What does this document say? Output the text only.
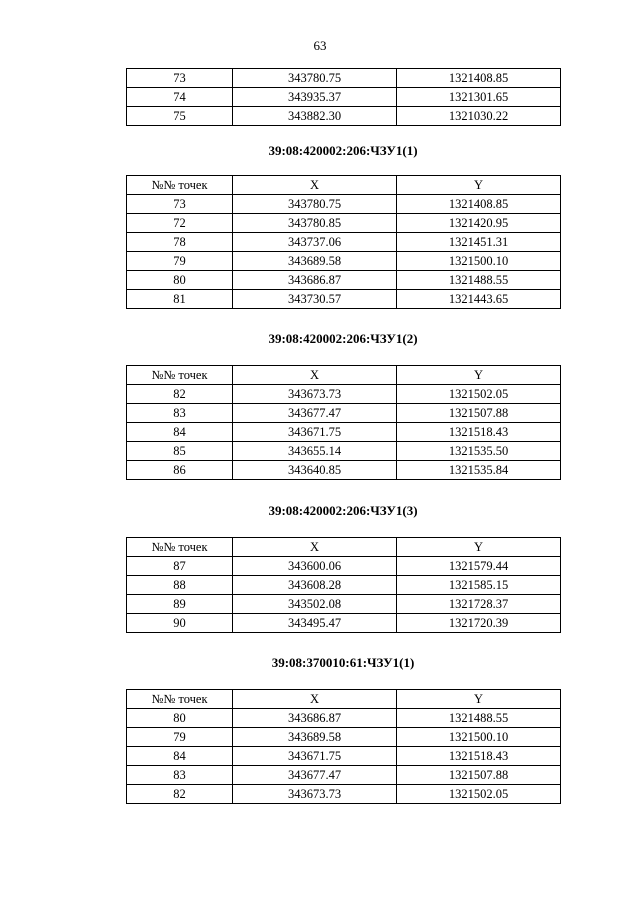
63
73	343780.75	1321408.85
74	343935.37	1321301.65
75	343882.30	1321030.22
39:08:420002:206:ЧЗУ1(1)
№№ точек	X	Y
73	343780.75	1321408.85
72	343780.85	1321420.95
78	343737.06	1321451.31
79	343689.58	1321500.10
80	343686.87	1321488.55
81	343730.57	1321443.65
39:08:420002:206:ЧЗУ1(2)
№№ точек	X	Y
82	343673.73	1321502.05
83	343677.47	1321507.88
84	343671.75	1321518.43
85	343655.14	1321535.50
86	343640.85	1321535.84
39:08:420002:206:ЧЗУ1(3)
№№ точек	X	Y
87	343600.06	1321579.44
88	343608.28	1321585.15
89	343502.08	1321728.37
90	343495.47	1321720.39
39:08:370010:61:ЧЗУ1(1)
№№ точек	X	Y
80	343686.87	1321488.55
79	343689.58	1321500.10
84	343671.75	1321518.43
83	343677.47	1321507.88
82	343673.73	1321502.05
